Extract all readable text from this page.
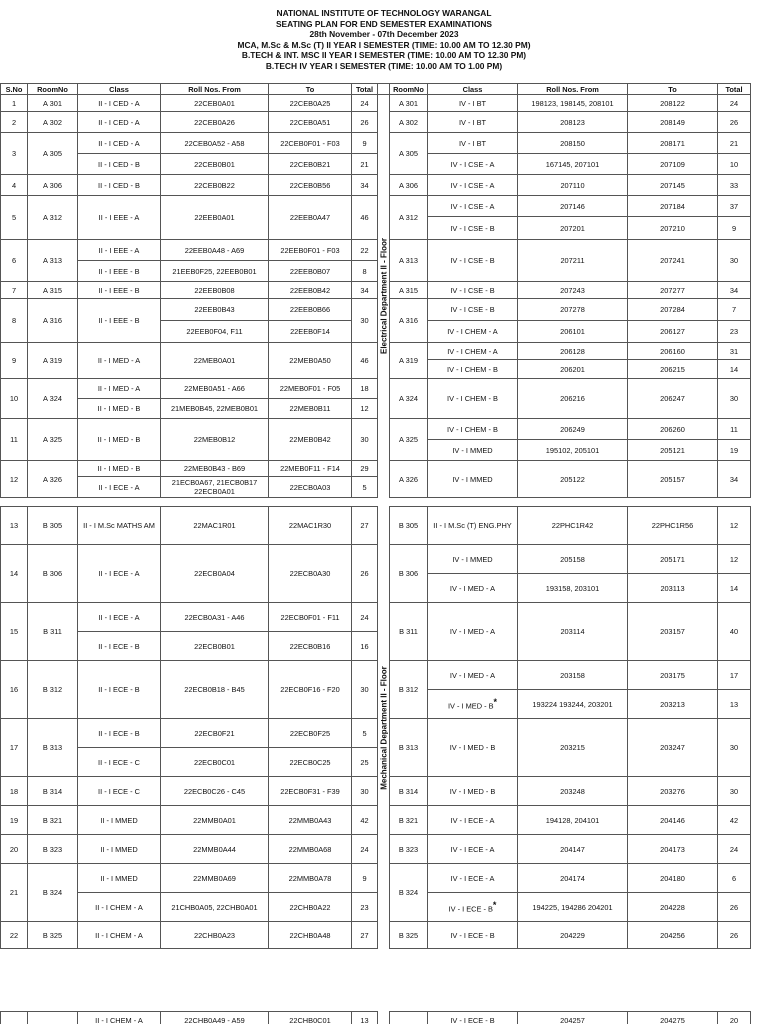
NATIONAL INSTITUTE OF TECHNOLOGY WARANGAL
SEATING PLAN FOR END SEMESTER EXAMINATIONS
28th November - 07th December 2023
MCA, M.Sc & M.Sc (T) II YEAR I SEMESTER (TIME: 10.00 AM TO 12.30 PM)
B.TECH & INT. MSC II YEAR I SEMESTER (TIME: 10.00 AM TO 12.30 PM)
B.TECH IV YEAR I SEMESTER (TIME: 10.00 AM TO 1.00 PM)
S.No	RoomNo	Class	Roll Nos. From	To	Total		RoomNo	Class	Roll Nos. From	To	Total
1	A 301	II - I CED - A	22CEB0A01	22CEB0A25	24	Electrical Department II - Floor	A 301	IV - I BT	198123, 198145, 208101	208122	24
2	A 302	II - I CED - A	22CEB0A26	22CEB0A51	26		A 302	IV - I BT	208123	208149	26
3	A 305	II - I CED - A	22CEB0A52 - A58	22CEB0F01 - F03	9		A 305	IV - I BT	208150	208171	21
		II - I CED - B	22CEB0B01	22CEB0B21	21			IV - I CSE - A	167145, 207101	207109	10
4	A 306	II - I CED - B	22CEB0B22	22CEB0B56	34		A 306	IV - I CSE - A	207110	207145	33
5	A 312	II - I EEE - A	22EEB0A01	22EEB0A47	46		A 312	IV - I CSE - A	207146	207184	37
								IV - I CSE - B	207201	207210	9
6	A 313	II - I EEE - A	22EEB0A48 - A69	22EEB0F01 - F03	22		A 313	IV - I CSE - B	207211	207241	30
		II - I EEE - B	21EEB0F25, 22EEB0B01	22EEB0B07	8						
7	A 315	II - I EEE - B	22EEB0B08	22EEB0B42	34		A 315	IV - I CSE - B	207243	207277	34
8	A 316	II - I EEE - B	22EEB0B43	22EEB0B66	30		A 316	IV - I CSE - B	207278	207284	7
			22EEB0F04, F11	22EEB0F14				IV - I CHEM - A	206101	206127	23
9	A 319	II - I MED - A	22MEB0A01	22MEB0A50	46		A 319	IV - I CHEM - A	206128	206160	31
								IV - I CHEM - B	206201	206215	14
10	A 324	II - I MED - A	22MEB0A51 - A66	22MEB0F01 - F05	18		A 324	IV - I CHEM - B	206216	206247	30
		II - I MED - B	21MEB0B45, 22MEB0B01	22MEB0B11	12						
11	A 325	II - I MED - B	22MEB0B12	22MEB0B42	30		A 325	IV - I CHEM - B	206249	206260	11
								IV - I MMED	195102, 205101	205121	19
12	A 326	II - I MED - B	22MEB0B43 - B69	22MEB0F11 - F14	29		A 326	IV - I MMED	205122	205157	34
		II - I ECE - A	21ECB0A67, 21ECB0B17 22ECB0A01	22ECB0A03	5						
13	B 305	II - I M.Sc MATHS AM	22MAC1R01	22MAC1R30	27	Mechanical Department II - Floor	B 305	II - I M.Sc (T) ENG.PHY	22PHC1R42	22PHC1R56	12
14	B 306	II - I ECE - A	22ECB0A04	22ECB0A30	26		B 306	IV - I MMED	205158	205171	12
								IV - I MED - A	193158, 203101	203113	14
15	B 311	II - I ECE - A	22ECB0A31 - A46	22ECB0F01 - F11	24		B 311	IV - I MED - A	203114	203157	40
		II - I ECE - B	22ECB0B01	22ECB0B16	16						
16	B 312	II - I ECE - B	22ECB0B18 - B45	22ECB0F16 - F20	30		B 312	IV - I MED - A	203158	203175	17
								IV - I MED - B*	193224 193244, 203201	203213	13
17	B 313	II - I ECE - B	22ECB0F21	22ECB0F25	5		B 313	IV - I MED - B	203215	203247	30
		II - I ECE - C	22ECB0C01	22ECB0C25	25						
18	B 314	II - I ECE - C	22ECB0C26 - C45	22ECB0F31 - F39	30		B 314	IV - I MED - B	203248	203276	30
19	B 321	II - I MMED	22MMB0A01	22MMB0A43	42		B 321	IV - I ECE - A	194128, 204101	204146	42
20	B 323	II - I MMED	22MMB0A44	22MMB0A68	24		B 323	IV - I ECE - A	204147	204173	24
21	B 324	II - I MMED	22MMB0A69	22MMB0A78	9		B 324	IV - I ECE - A	204174	204180	6
		II - I CHEM - A	21CHB0A05, 22CHB0A01	22CHB0A22	23			IV - I ECE - B*	194225, 194286 204201	204228	26
22	B 325	II - I CHEM - A	22CHB0A23	22CHB0A48	27		B 325	IV - I ECE - B	204229	204256	26
		II - I CHEM - A	22CHB0A49 - A59	22CHB0C01	13			IV - I ECE - B	204257	204275	20
